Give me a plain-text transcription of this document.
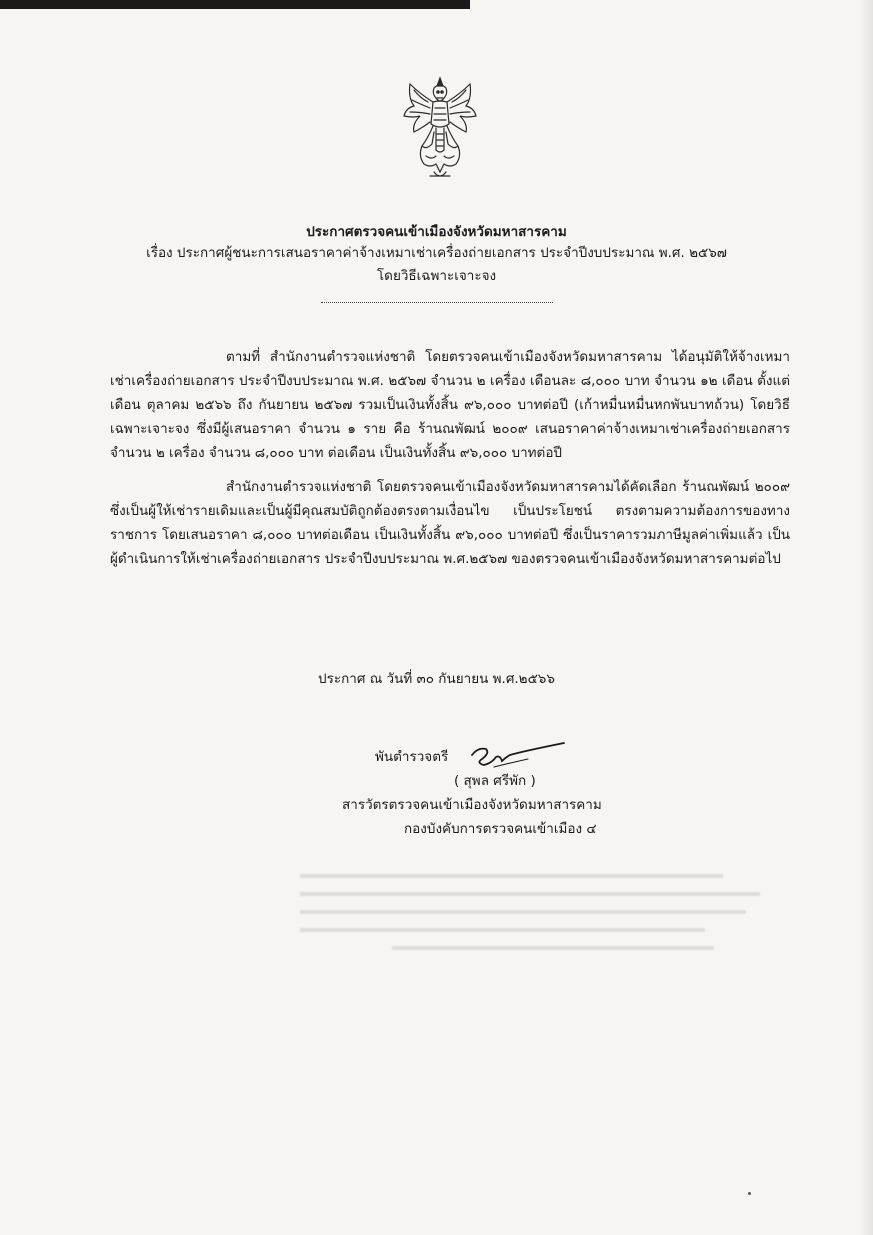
ประกาศตรวจคนเข้าเมืองจังหวัดมหาสารคาม
เรื่อง ประกาศผู้ชนะการเสนอราคาค่าจ้างเหมาเช่าเครื่องถ่ายเอกสาร ประจำปีงบประมาณ พ.ศ. ๒๕๖๗
โดยวิธีเฉพาะเจาะจง

ตามที่ สำนักงานตำรวจแห่งชาติ โดยตรวจคนเข้าเมืองจังหวัดมหาสารคาม ได้อนุมัติให้จ้างเหมาเช่าเครื่องถ่ายเอกสาร ประจำปีงบประมาณ พ.ศ. ๒๕๖๗ จำนวน ๒ เครื่อง เดือนละ ๘,๐๐๐ บาท จำนวน ๑๒ เดือน ตั้งแต่เดือน ตุลาคม ๒๕๖๖ ถึง กันยายน ๒๕๖๗ รวมเป็นเงินทั้งสิ้น ๙๖,๐๐๐ บาทต่อปี (เก้าหมื่นหมื่นหกพันบาทถ้วน) โดยวิธีเฉพาะเจาะจง ซึ่งมีผู้เสนอราคา จำนวน ๑ ราย คือ ร้านณพัฒน์ ๒๐๐๙ เสนอราคาค่าจ้างเหมาเช่าเครื่องถ่ายเอกสาร จำนวน ๒ เครื่อง จำนวน ๘,๐๐๐ บาท ต่อเดือน เป็นเงินทั้งสิ้น ๙๖,๐๐๐ บาทต่อปี

สำนักงานตำรวจแห่งชาติ โดยตรวจคนเข้าเมืองจังหวัดมหาสารคามได้คัดเลือก ร้านณพัฒน์ ๒๐๐๙ ซึ่งเป็นผู้ให้เช่ารายเดิมและเป็นผู้มีคุณสมบัติถูกต้องตรงตามเงื่อนไข เป็นประโยชน์ ตรงตามความต้องการของทางราชการ โดยเสนอราคา ๘,๐๐๐ บาทต่อเดือน เป็นเงินทั้งสิ้น ๙๖,๐๐๐ บาทต่อปี ซึ่งเป็นราคารวมภาษีมูลค่าเพิ่มแล้ว เป็นผู้ดำเนินการให้เช่าเครื่องถ่ายเอกสาร ประจำปีงบประมาณ พ.ศ.๒๕๖๗ ของตรวจคนเข้าเมืองจังหวัดมหาสารคามต่อไป

ประกาศ ณ วันที่ ๓๐ กันยายน พ.ศ.๒๕๖๖
พันตำรวจตรี
( สุพล ศรีพัก )
สารวัตรตรวจคนเข้าเมืองจังหวัดมหาสารคาม
กองบังคับการตรวจคนเข้าเมือง ๔
